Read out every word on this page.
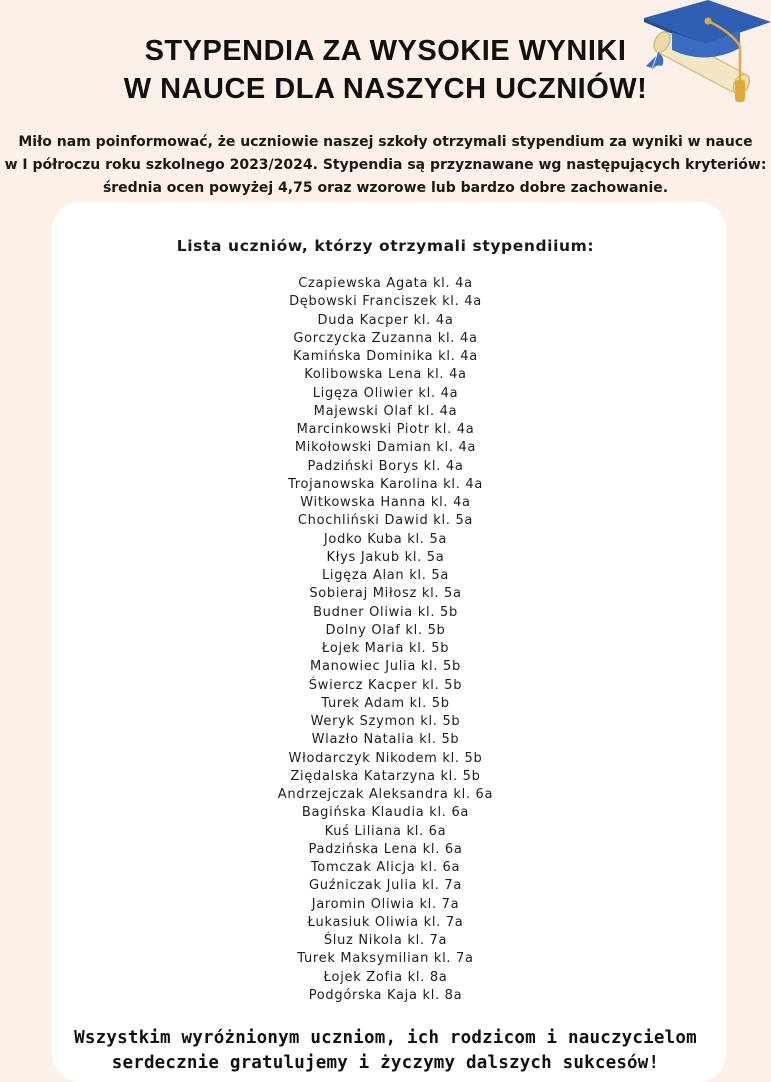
STYPENDIA ZA WYSOKIE WYNIKI
W NAUCE DLA NASZYCH UCZNIÓW!

Miło nam poinformować, że uczniowie naszej szkoły otrzymali stypendium za wyniki w nauce
w I półroczu roku szkolnego 2023/2024. Stypendia są przyznawane wg następujących kryteriów:
średnia ocen powyżej 4,75 oraz wzorowe lub bardzo dobre zachowanie.

Lista uczniów, którzy otrzymali stypendiium:
Czapiewska Agata kl. 4a
Dębowski Franciszek kl. 4a
Duda Kacper kl. 4a
Gorczycka Zuzanna kl. 4a
Kamińska Dominika kl. 4a
Kolibowska Lena kl. 4a
Ligęza Oliwier kl. 4a
Majewski Olaf kl. 4a
Marcinkowski Piotr kl. 4a
Mikołowski Damian kl. 4a
Padziński Borys kl. 4a
Trojanowska Karolina kl. 4a
Witkowska Hanna kl. 4a
Chochliński Dawid kl. 5a
Jodko Kuba kl. 5a
Kłys Jakub kl. 5a
Ligęza Alan kl. 5a
Sobieraj Miłosz kl. 5a
Budner Oliwia kl. 5b
Dolny Olaf kl. 5b
Łojek Maria kl. 5b
Manowiec Julia kl. 5b
Świercz Kacper kl. 5b
Turek Adam kl. 5b
Weryk Szymon kl. 5b
Wlazło Natalia kl. 5b
Włodarczyk Nikodem kl. 5b
Ziędalska Katarzyna kl. 5b
Andrzejczak Aleksandra kl. 6a
Bagińska Klaudia kl. 6a
Kuś Liliana kl. 6a
Padzińska Lena kl. 6a
Tomczak Alicja kl. 6a
Guźniczak Julia kl. 7a
Jaromin Oliwia kl. 7a
Łukasiuk Oliwia kl. 7a
Śluz Nikola kl. 7a
Turek Maksymilian kl. 7a
Łojek Zofia kl. 8a
Podgórska Kaja kl. 8a

Wszystkim wyróżnionym uczniom, ich rodzicom i nauczycielom
serdecznie gratulujemy i życzymy dalszych sukcesów!
